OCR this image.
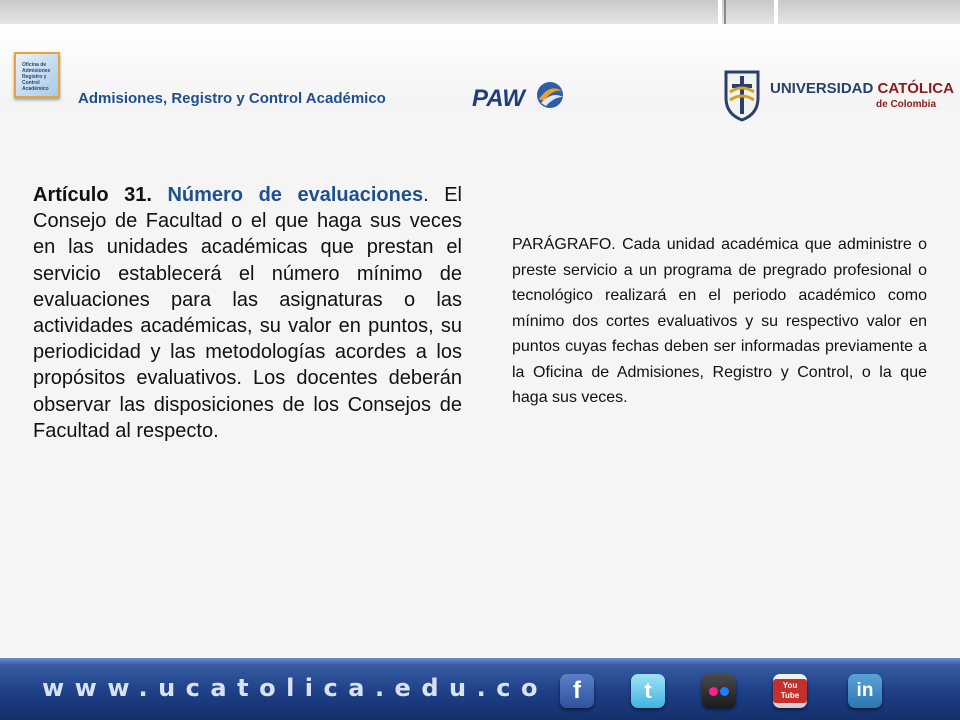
Oficina de Admisiones Registro y Control Académico
Admisiones, Registro y Control Académico	PAW	UNIVERSIDAD CATÓLICA
de Colombia
Artículo 31. Número de evaluaciones. El Consejo de Facultad o el que haga sus veces en las unidades académicas que prestan el servicio establecerá el número mínimo de evaluaciones para las asignaturas o las actividades académicas, su valor en puntos, su periodicidad y las metodologías acordes a los propósitos evaluativos. Los docentes deberán observar las disposiciones de los Consejos de Facultad al respecto.
PARÁGRAFO. Cada unidad académica que administre o preste servicio a un programa de pregrado profesional o tecnológico realizará en el periodo académico como mínimo dos cortes evaluativos y su respectivo valor en puntos cuyas fechas deben ser informadas previamente a la Oficina de Admisiones, Registro y Control, o la que haga sus veces.
www.ucatolica.edu.co f	t	You Tube	in
